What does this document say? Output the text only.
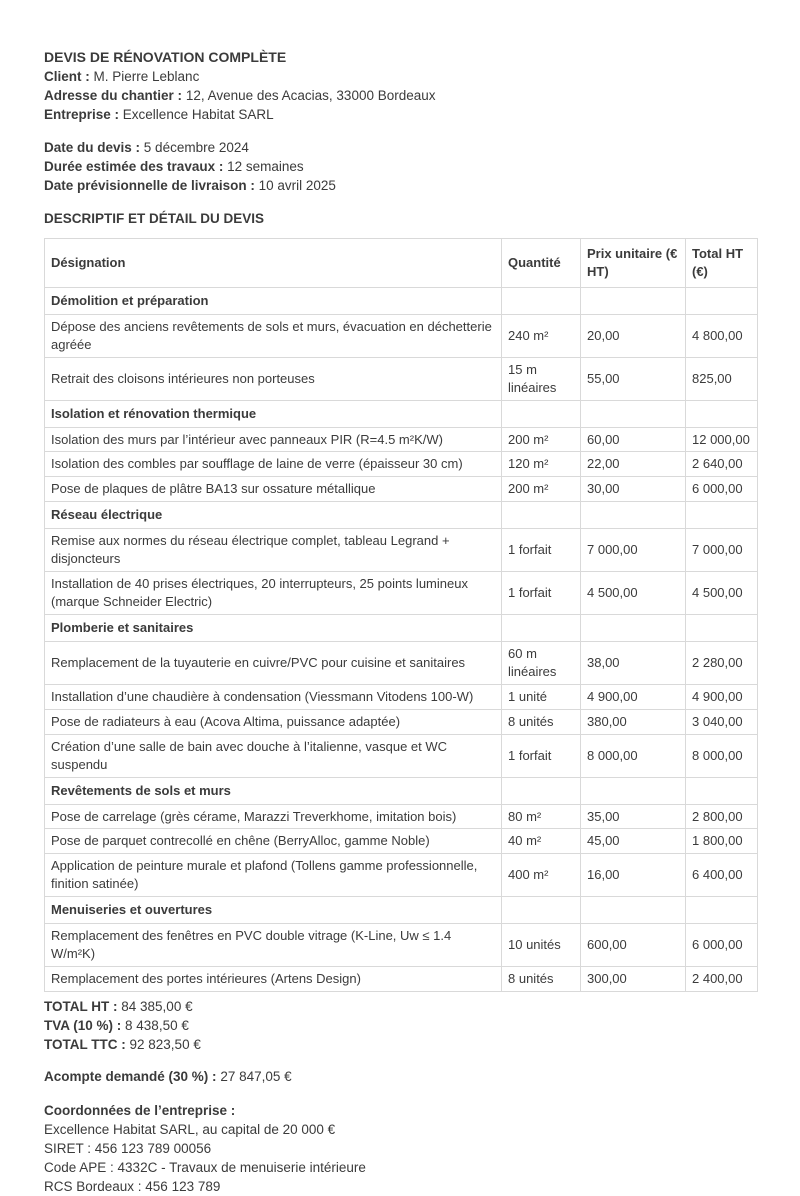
DEVIS DE RÉNOVATION COMPLÈTE

Client : M. Pierre Leblanc

Adresse du chantier : 12, Avenue des Acacias, 33000 Bordeaux

Entreprise : Excellence Habitat SARL

Date du devis : 5 décembre 2024

Durée estimée des travaux : 12 semaines

Date prévisionnelle de livraison : 10 avril 2025

DESCRIPTIF ET DÉTAIL DU DEVIS

Désignation	Quantité	Prix unitaire (€ HT)	Total HT (€)
Démolition et préparation			
Dépose des anciens revêtements de sols et murs, évacuation en déchetterie agréée	240 m²	20,00	4 800,00
Retrait des cloisons intérieures non porteuses	15 m linéaires	55,00	825,00
Isolation et rénovation thermique			
Isolation des murs par l’intérieur avec panneaux PIR (R=4.5 m²K/W)	200 m²	60,00	12 000,00
Isolation des combles par soufflage de laine de verre (épaisseur 30 cm)	120 m²	22,00	2 640,00
Pose de plaques de plâtre BA13 sur ossature métallique	200 m²	30,00	6 000,00
Réseau électrique			
Remise aux normes du réseau électrique complet, tableau Legrand + disjoncteurs	1 forfait	7 000,00	7 000,00
Installation de 40 prises électriques, 20 interrupteurs, 25 points lumineux (marque Schneider Electric)	1 forfait	4 500,00	4 500,00
Plomberie et sanitaires			
Remplacement de la tuyauterie en cuivre/PVC pour cuisine et sanitaires	60 m linéaires	38,00	2 280,00
Installation d’une chaudière à condensation (Viessmann Vitodens 100-W)	1 unité	4 900,00	4 900,00
Pose de radiateurs à eau (Acova Altima, puissance adaptée)	8 unités	380,00	3 040,00
Création d’une salle de bain avec douche à l’italienne, vasque et WC suspendu	1 forfait	8 000,00	8 000,00
Revêtements de sols et murs			
Pose de carrelage (grès cérame, Marazzi Treverkhome, imitation bois)	80 m²	35,00	2 800,00
Pose de parquet contrecollé en chêne (BerryAlloc, gamme Noble)	40 m²	45,00	1 800,00
Application de peinture murale et plafond (Tollens gamme professionnelle, finition satinée)	400 m²	16,00	6 400,00
Menuiseries et ouvertures			
Remplacement des fenêtres en PVC double vitrage (K-Line, Uw ≤ 1.4 W/m²K)	10 unités	600,00	6 000,00
Remplacement des portes intérieures (Artens Design)	8 unités	300,00	2 400,00

TOTAL HT : 84 385,00 €

TVA (10 %) : 8 438,50 €

TOTAL TTC : 92 823,50 €

Acompte demandé (30 %) : 27 847,05 €

Coordonnées de l’entreprise :

Excellence Habitat SARL, au capital de 20 000 €

SIRET : 456 123 789 00056

Code APE : 4332C - Travaux de menuiserie intérieure

RCS Bordeaux : 456 123 789
